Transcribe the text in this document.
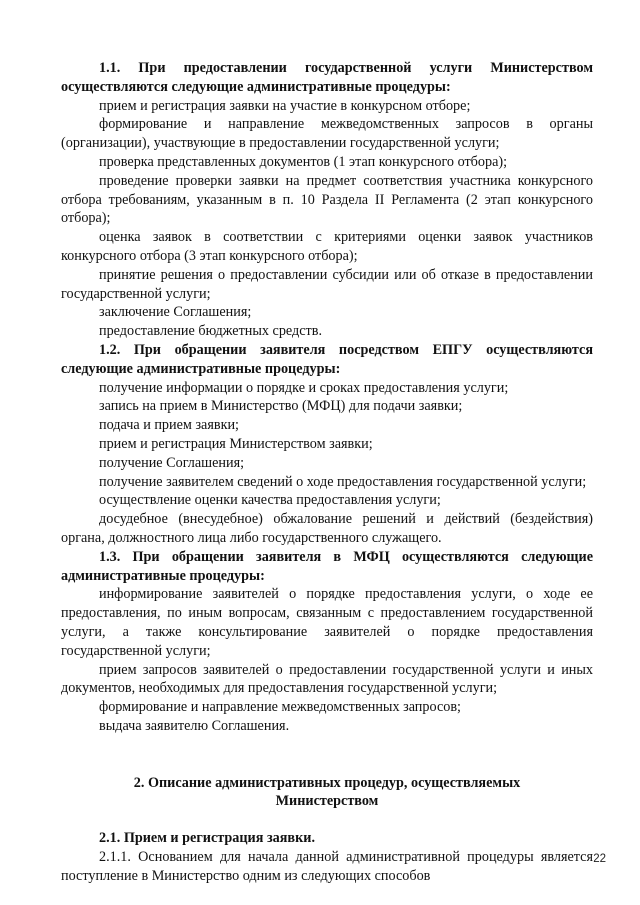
1.1. При предоставлении государственной услуги Министерством осуществляются следующие административные процедуры:

прием и регистрация заявки на участие в конкурсном отборе;

формирование и направление межведомственных запросов в органы (организации), участвующие в предоставлении государственной услуги;

проверка представленных документов (1 этап конкурсного отбора);

проведение проверки заявки на предмет соответствия участника конкурсного отбора требованиям, указанным в п. 10 Раздела II Регламента (2 этап конкурсного отбора);

оценка заявок в соответствии с критериями оценки заявок участников конкурсного отбора (3 этап конкурсного отбора);

принятие решения о предоставлении субсидии или об отказе в предоставлении государственной услуги;

заключение Соглашения;

предоставление бюджетных средств.

1.2. При обращении заявителя посредством ЕПГУ осуществляются следующие административные процедуры:

получение информации о порядке и сроках предоставления услуги;

запись на прием в Министерство (МФЦ) для подачи заявки;

подача и прием заявки;

прием и регистрация Министерством заявки;

получение Соглашения;

получение заявителем сведений о ходе предоставления государственной услуги;

осуществление оценки качества предоставления услуги;

досудебное (внесудебное) обжалование решений и действий (бездействия) органа, должностного лица либо государственного служащего.

1.3. При обращении заявителя в МФЦ осуществляются следующие административные процедуры:

информирование заявителей о порядке предоставления услуги, о ходе ее предоставления, по иным вопросам, связанным с предоставлением государственной услуги, а также консультирование заявителей о порядке предоставления государственной услуги;

прием запросов заявителей о предоставлении государственной услуги и иных документов, необходимых для предоставления государственной услуги;

формирование и направление межведомственных запросов;

выдача заявителю Соглашения.

2. Описание административных процедур, осуществляемых

Министерством

2.1. Прием и регистрация заявки.

2.1.1. Основанием для начала данной административной процедуры является поступление в Министерство одним из следующих способов

22
